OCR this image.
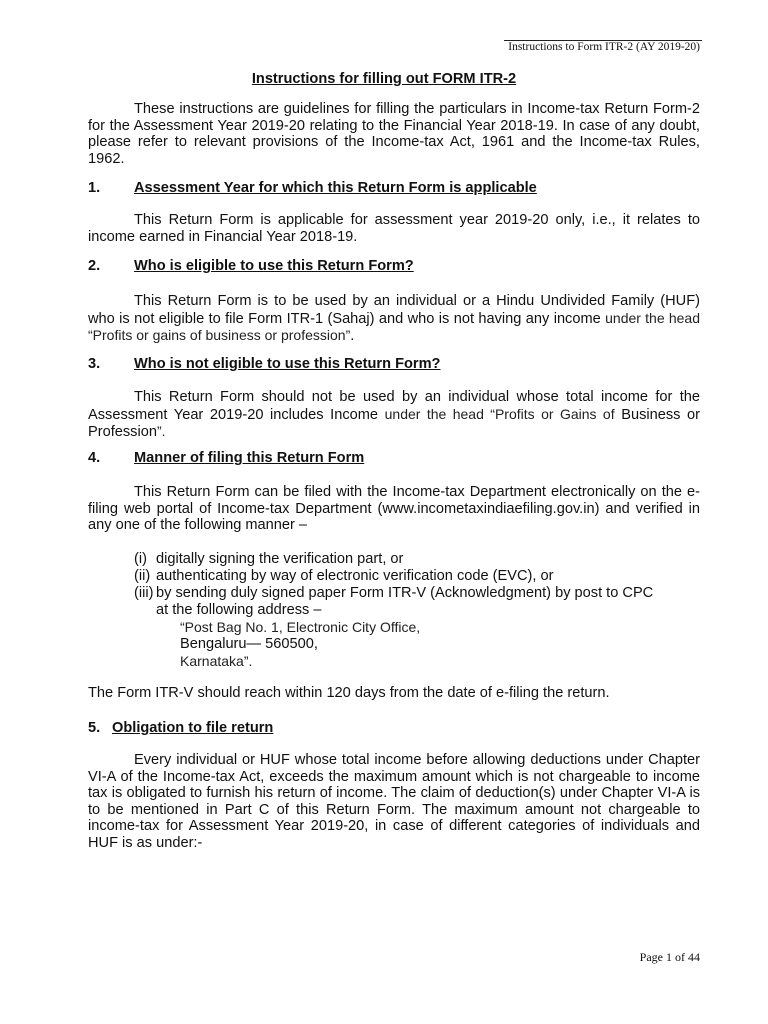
Instructions to Form ITR-2 (AY 2019-20)
Instructions for filling out FORM ITR-2

These instructions are guidelines for filling the particulars in Income-tax Return Form-2 for the Assessment Year 2019-20 relating to the Financial Year 2018-19. In case of any doubt, please refer to relevant provisions of the Income-tax Act, 1961 and the Income-tax Rules, 1962.

1. Assessment Year for which this Return Form is applicable

This Return Form is applicable for assessment year 2019-20 only, i.e., it relates to income earned in Financial Year 2018-19.

2. Who is eligible to use this Return Form?

This Return Form is to be used by an individual or a Hindu Undivided Family (HUF) who is not eligible to file Form ITR-1 (Sahaj) and who is not having any income under the head “Profits or gains of business or profession”.

3. Who is not eligible to use this Return Form?

This Return Form should not be used by an individual whose total income for the Assessment Year 2019-20 includes Income under the head “Profits or Gains of Business or Profession”.

4. Manner of filing this Return Form

This Return Form can be filed with the Income-tax Department electronically on the e-filing web portal of Income-tax Department (www.incometaxindiaefiling.gov.in) and verified in any one of the following manner –

(i) digitally signing the verification part, or

(ii) authenticating by way of electronic verification code (EVC), or

(iii) by sending duly signed paper Form ITR-V (Acknowledgment) by post to CPC

at the following address –

“Post Bag No. 1, Electronic City Office,

Bengaluru— 560500,

Karnataka”.

The Form ITR-V should reach within 120 days from the date of e-filing the return.

5. Obligation to file return

Every individual or HUF whose total income before allowing deductions under Chapter VI-A of the Income-tax Act, exceeds the maximum amount which is not chargeable to income tax is obligated to furnish his return of income. The claim of deduction(s) under Chapter VI-A is to be mentioned in Part C of this Return Form. The maximum amount not chargeable to income-tax for Assessment Year 2019-20, in case of different categories of individuals and HUF is as under:-

Page 1 of 44
